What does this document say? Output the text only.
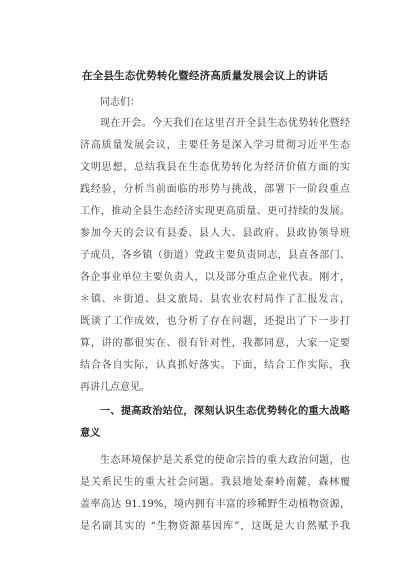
在全县生态优势转化暨经济高质量发展会议上的讲话

同志们：

现在开会。今天我们在这里召开全县生态优势转化暨经

济高质量发展会议，主要任务是深入学习贯彻习近平生态

文明思想，总结我县在生态优势转化为经济价值方面的实

践经验，分析当前面临的形势与挑战，部署下一阶段重点

工作，推动全县生态经济实现更高质量、更可持续的发展。

参加今天的会议有县委、县人大、县政府、县政协领导班

子成员，各乡镇（街道）党政主要负责同志，县直各部门、

各企事业单位主要负责人，以及部分重点企业代表。刚才，

＊镇、＊街道、县文旅局、县农业农村局作了汇报发言，

既谈了工作成效，也分析了存在问题，还提出了下一步打

算，讲的都很实在、很有针对性，我都同意，大家一定要

结合各自实际，认真抓好落实。下面，结合工作实际，我

再讲几点意见。

一、提高政治站位，深刻认识生态优势转化的重大战略

意义

生态环境保护是关系党的使命宗旨的重大政治问题，也

是关系民生的重大社会问题。我县地处秦岭南麓，森林覆

盖率高达 91.19%，境内拥有丰富的珍稀野生动植物资源，

是名副其实的 “生物资源基因库”，这既是大自然赋予我
